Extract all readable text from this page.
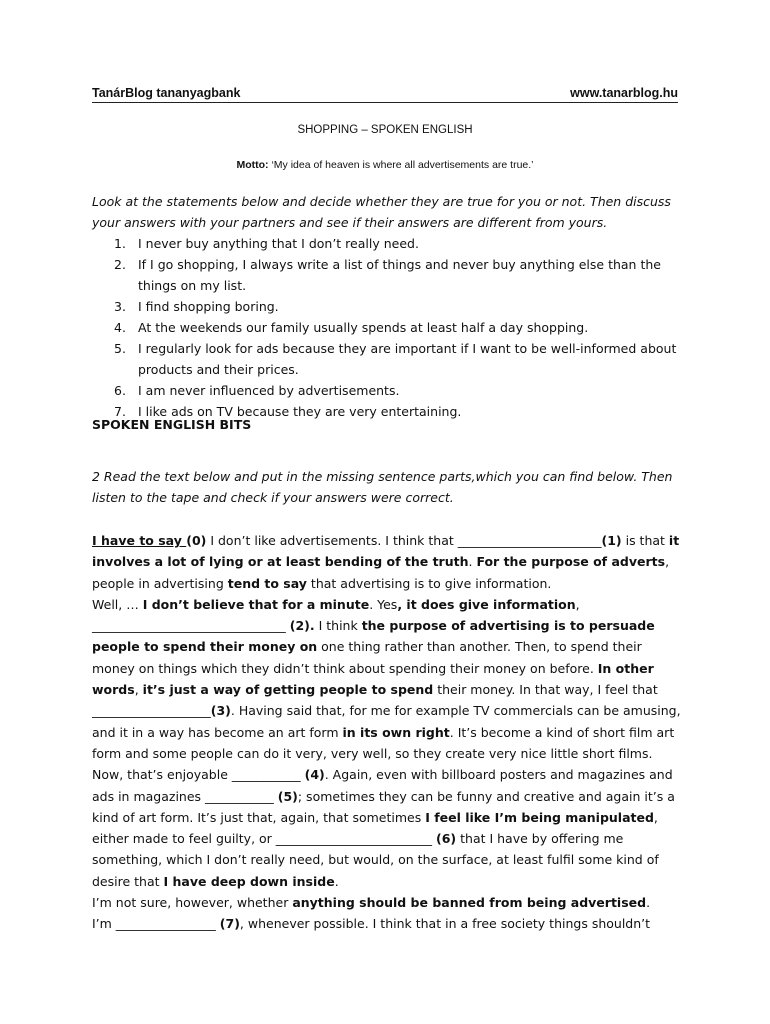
TanárBlog tananyagbank	www.tanarblog.hu
SHOPPING – SPOKEN ENGLISH
Motto: ‘My idea of heaven is where all advertisements are true.’
Look at the statements below and decide whether they are true for you or not. Then discuss your answers with your partners and see if their answers are different from yours.
1. I never buy anything that I don’t really need.
2. If I go shopping, I always write a list of things and never buy anything else than the things on my list.
3. I find shopping boring.
4. At the weekends our family usually spends at least half a day shopping.
5. I regularly look for ads because they are important if I want to be well-informed about products and their prices.
6. I am never influenced by advertisements.
7. I like ads on TV because they are very entertaining.
SPOKEN ENGLISH BITS
2 Read the text below and put in the missing sentence parts,which you can find below. Then listen to the tape and check if your answers were correct.
I have to say (0) I don’t like advertisements. I think that _______________________(1) is that it involves a lot of lying or at least bending of the truth. For the purpose of adverts, people in advertising tend to say that advertising is to give information.
Well, … I don’t believe that for a minute. Yes, it does give information, _______________________________ (2). I think the purpose of advertising is to persuade people to spend their money on one thing rather than another. Then, to spend their money on things which they didn’t think about spending their money on before. In other words, it’s just a way of getting people to spend their money. In that way, I feel that ___________________(3). Having said that, for me for example TV commercials can be amusing, and it in a way has become an art form in its own right. It’s become a kind of short film art form and some people can do it very, very well, so they create very nice little short films. Now, that’s enjoyable ___________ (4). Again, even with billboard posters and magazines and ads in magazines ___________ (5); sometimes they can be funny and creative and again it’s a kind of art form. It’s just that, again, that sometimes I feel like I’m being manipulated, either made to feel guilty, or _________________________ (6) that I have by offering me something, which I don’t really need, but would, on the surface, at least fulfil some kind of desire that I have deep down inside.
I’m not sure, however, whether anything should be banned from being advertised.
I’m ________________ (7), whenever possible. I think that in a free society things shouldn’t
